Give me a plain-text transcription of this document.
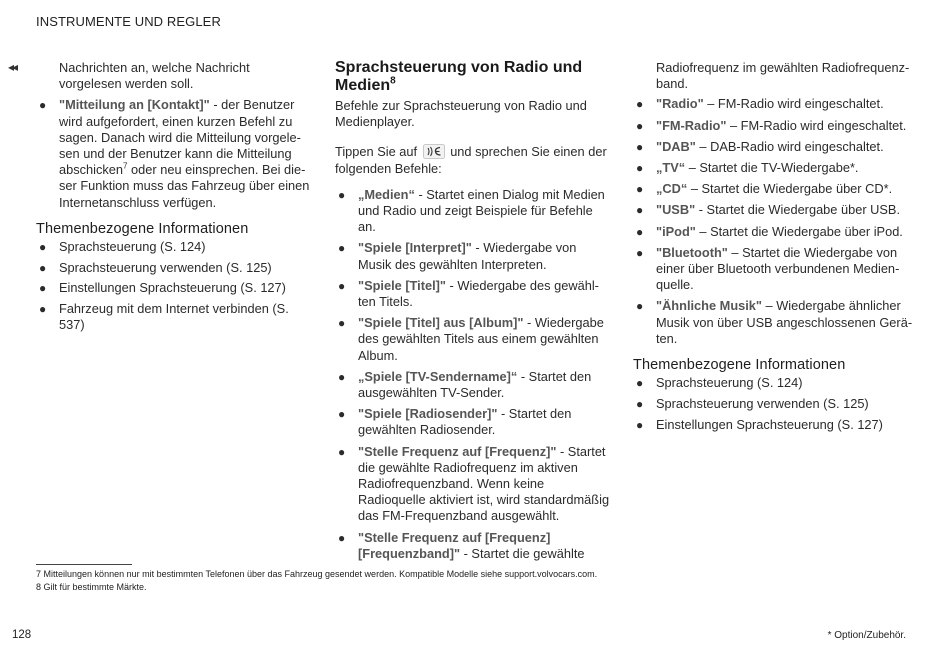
INSTRUMENTE UND REGLER
◂◂	Nachrichten an, welche Nachricht vorgelesen werden soll.

● "Mitteilung an [Kontakt]" - der Benutzer wird aufgefordert, einen kurzen Befehl zu sagen. Danach wird die Mitteilung vorgelesen und der Benutzer kann die Mitteilung abschicken$^7$ oder neu einsprechen. Bei dieser Funktion muss das Fahrzeug über einen Internetanschluss verfügen.
Themenbezogene Informationen
● Sprachsteuerung (S. 124)
● Sprachsteuerung verwenden (S. 125)
● Einstellungen Sprachsteuerung (S. 127)
● Fahrzeug mit dem Internet verbinden (S. 537)
Sprachsteuerung von Radio und Medien$^8$

Befehle zur Sprachsteuerung von Radio und Medienplayer.

Tippen Sie auf	und sprechen Sie einen der folgenden Befehle:

● „Medien“ - Startet einen Dialog mit Medien und Radio und zeigt Beispiele für Befehle an.
● "Spiele [Interpret]" - Wiedergabe von Musik des gewählten Interpreten.
● "Spiele [Titel]" - Wiedergabe des gewählten Titels.
● "Spiele [Titel] aus [Album]" - Wiedergabe des gewählten Titels aus einem gewählten Album.
● „Spiele [TV-Sendername]“ - Startet den ausgewählten TV-Sender.
● "Spiele [Radiosender]" - Startet den gewählten Radiosender.
● "Stelle Frequenz auf [Frequenz]" - Startet die gewählte Radiofrequenz im aktiven Radiofrequenzband. Wenn keine Radioquelle aktiviert ist, wird standardmäßig das FM-Frequenzband ausgewählt.
● "Stelle Frequenz auf [Frequenz] [Frequenzband]" - Startet die gewählte

Radiofrequenz im gewählten Radiofrequenzband.

● "Radio" – FM-Radio wird eingeschaltet.
● "FM-Radio" – FM-Radio wird eingeschaltet.
● "DAB" – DAB-Radio wird eingeschaltet.
● „TV“ – Startet die TV-Wiedergabe*.
● „CD“ – Startet die Wiedergabe über CD*.
● "USB" - Startet die Wiedergabe über USB.
● "iPod" – Startet die Wiedergabe über iPod.
● "Bluetooth" – Startet die Wiedergabe von einer über Bluetooth verbundenen Medienquelle.
● "Ähnliche Musik" – Wiedergabe ähnlicher Musik von über USB angeschlossenen Geräten.
Themenbezogene Informationen
● Sprachsteuerung (S. 124)
● Sprachsteuerung verwenden (S. 125)
● Einstellungen Sprachsteuerung (S. 127)
7 Mitteilungen können nur mit bestimmten Telefonen über das Fahrzeug gesendet werden. Kompatible Modelle siehe support.volvocars.com.
8 Gilt für bestimmte Märkte.
128	* Option/Zubehör.
